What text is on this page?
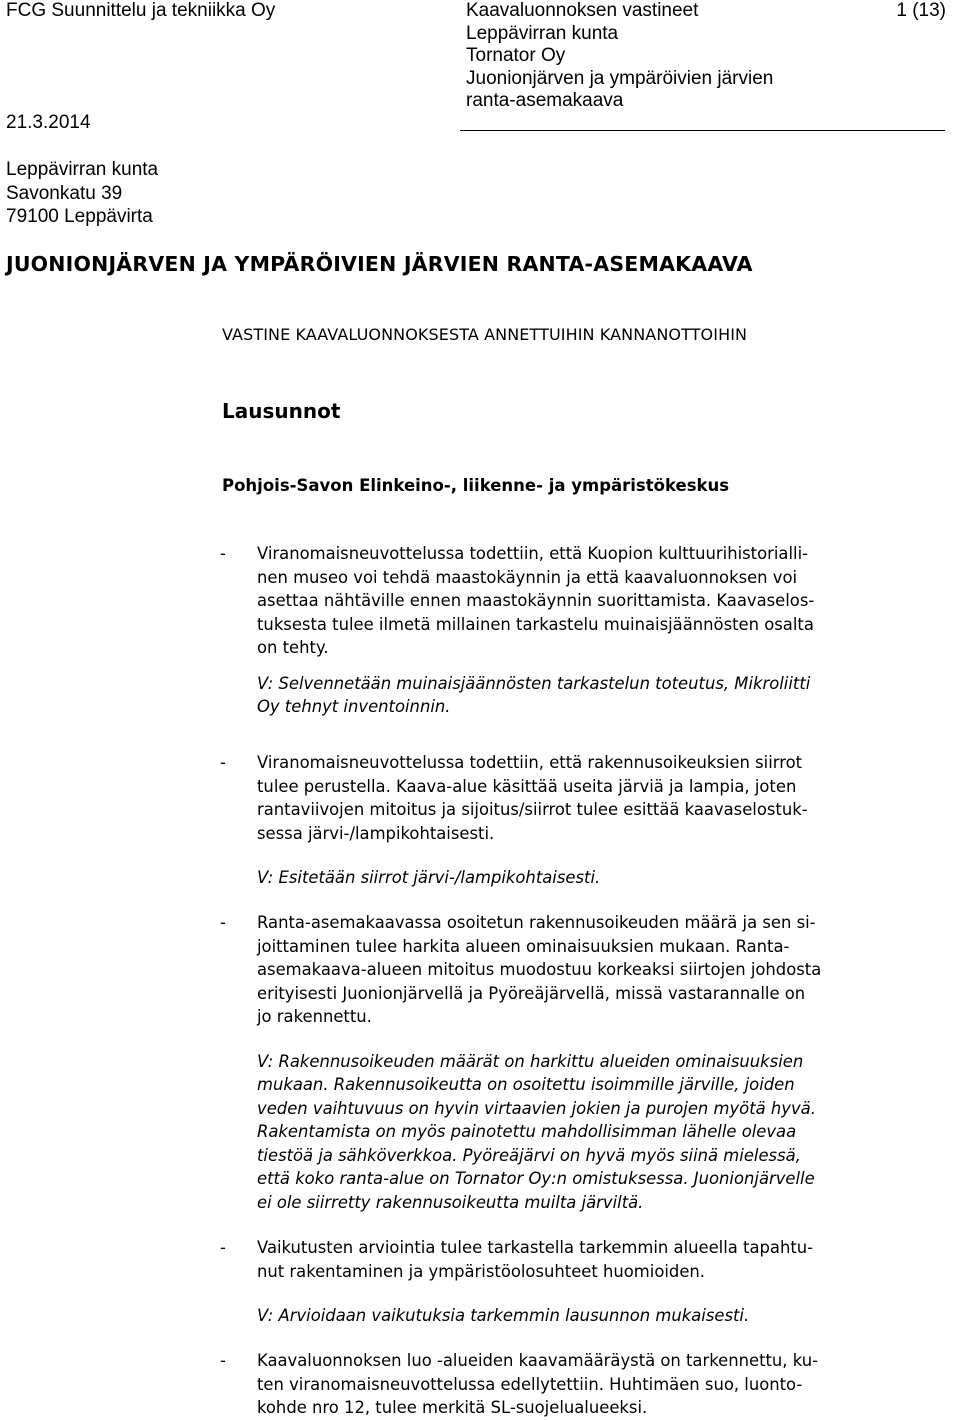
FCG Suunnittelu ja tekniikka Oy
21.3.2014
Kaavaluonnoksen vastineet
Leppävirran kunta
Tornator Oy
Juonionjärven ja ympäröivien järvien
ranta-asemakaava
1 (13)
Leppävirran kunta
Savonkatu 39
79100 Leppävirta
JUONIONJÄRVEN JA YMPÄRÖIVIEN JÄRVIEN RANTA-ASEMAKAAVA
VASTINE KAAVALUONNOKSESTA ANNETTUIHIN KANNANOTTOIHIN
Lausunnot
Pohjois-Savon Elinkeino-, liikenne- ja ympäristökeskus
- Viranomaisneuvottelussa todettiin, että Kuopion kulttuurihistorialli-
nen museo voi tehdä maastokäynnin ja että kaavaluonnoksen voi
asettaa nähtäville ennen maastokäynnin suorittamista. Kaavaselos-
tuksesta tulee ilmetä millainen tarkastelu muinaisjäännösten osalta
on tehty.
V: Selvennetään muinaisjäännösten tarkastelun toteutus, Mikroliitti
Oy tehnyt inventoinnin.
- Viranomaisneuvottelussa todettiin, että rakennusoikeuksien siirrot
tulee perustella. Kaava-alue käsittää useita järviä ja lampia, joten
rantaviivojen mitoitus ja sijoitus/siirrot tulee esittää kaavaselostuk-
sessa järvi-/lampikohtaisesti.
V: Esitetään siirrot järvi-/lampikohtaisesti.
- Ranta-asemakaavassa osoitetun rakennusoikeuden määrä ja sen si-
joittaminen tulee harkita alueen ominaisuuksien mukaan. Ranta-
asemakaava-alueen mitoitus muodostuu korkeaksi siirtojen johdosta
erityisesti Juonionjärvellä ja Pyöreäjärvellä, missä vastarannalle on
jo rakennettu.
V: Rakennusoikeuden määrät on harkittu alueiden ominaisuuksien
mukaan. Rakennusoikeutta on osoitettu isoimmille järville, joiden
veden vaihtuvuus on hyvin virtaavien jokien ja purojen myötä hyvä.
Rakentamista on myös painotettu mahdollisimman lähelle olevaa
tiestöä ja sähköverkkoa. Pyöreäjärvi on hyvä myös siinä mielessä,
että koko ranta-alue on Tornator Oy:n omistuksessa. Juonionjärvelle
ei ole siirretty rakennusoikeutta muilta järviltä.
- Vaikutusten arviointia tulee tarkastella tarkemmin alueella tapahtu-
nut rakentaminen ja ympäristöolosuhteet huomioiden.
V: Arvioidaan vaikutuksia tarkemmin lausunnon mukaisesti.
- Kaavaluonnoksen luo -alueiden kaavamääräystä on tarkennettu, ku-
ten viranomaisneuvottelussa edellytettiin. Huhtimäen suo, luonto-
kohde nro 12, tulee merkitä SL-suojelualueeksi.
